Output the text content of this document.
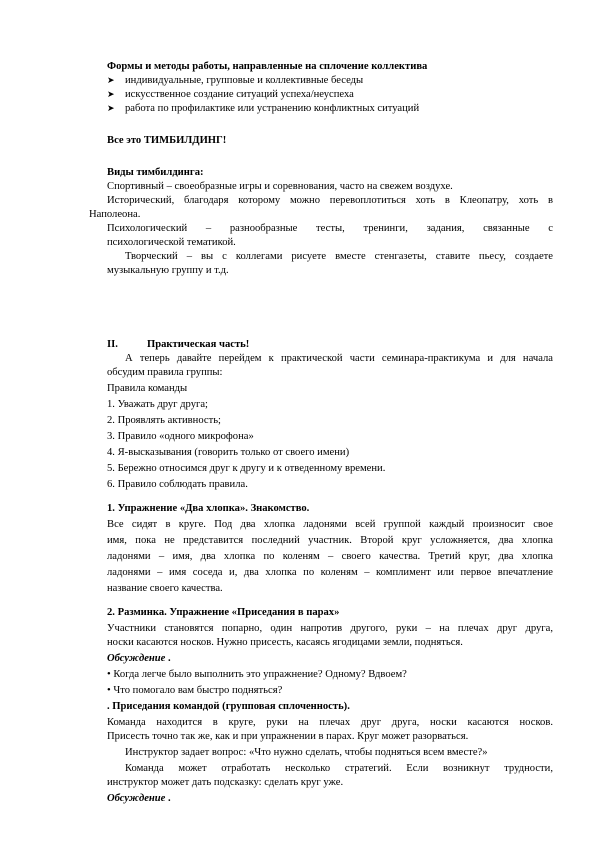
Формы и методы работы, направленные на сплочение коллектива
➤ индивидуальные, групповые и коллективные беседы
➤ искусственное создание ситуаций успеха/неуспеха
➤ работа по профилактике или устранению конфликтных ситуаций
Все это ТИМБИЛДИНГ!
Виды тимбилдинга:
Спортивный – своеобразные игры и соревнования, часто на свежем воздухе.
Исторический, благодаря которому можно перевоплотиться хоть в Клеопатру, хоть в
Наполеона.
Психологический – разнообразные тесты, тренинги, задания, связанные с
психологической тематикой.
Творческий – вы с коллегами рисуете вместе стенгазеты, ставите пьесу, создаете
музыкальную группу и т.д.
II.	Практическая часть!
А теперь давайте перейдем к практической части семинара-практикума и для начала
обсудим правила группы:
Правила команды
1. Уважать друг друга;
2. Проявлять активность;
3. Правило «одного микрофона»
4. Я-высказывания (говорить только от своего имени)
5. Бережно относимся друг к другу и к отведенному времени.
6. Правило соблюдать правила.
1. Упражнение «Два хлопка». Знакомство.
Все сидят в круге. Под два хлопка ладонями всей группой каждый произносит свое
имя, пока не представится последний участник. Второй круг усложняется, два хлопка
ладонями – имя, два хлопка по коленям – своего качества. Третий круг, два хлопка
ладонями – имя соседа и, два хлопка по коленям – комплимент или первое впечатление
название своего качества.
2. Разминка. Упражнение «Приседания в парах»
Участники становятся попарно, один напротив другого, руки – на плечах друг друга,
носки касаются носков. Нужно присесть, касаясь ягодицами земли, подняться.
Обсуждение .
• Когда легче было выполнить это упражнение? Одному? Вдвоем?
• Что помогало вам быстро подняться?
. Приседания командой (групповая сплоченность).
Команда находится в круге, руки на плечах друг друга, носки касаются носков.
Присесть точно так же, как и при упражнении в парах. Круг может разорваться.
Инструктор задает вопрос: «Что нужно сделать, чтобы подняться всем вместе?»
Команда может отработать несколько стратегий. Если возникнут трудности,
инструктор может дать подсказку: сделать круг уже.
Обсуждение .
